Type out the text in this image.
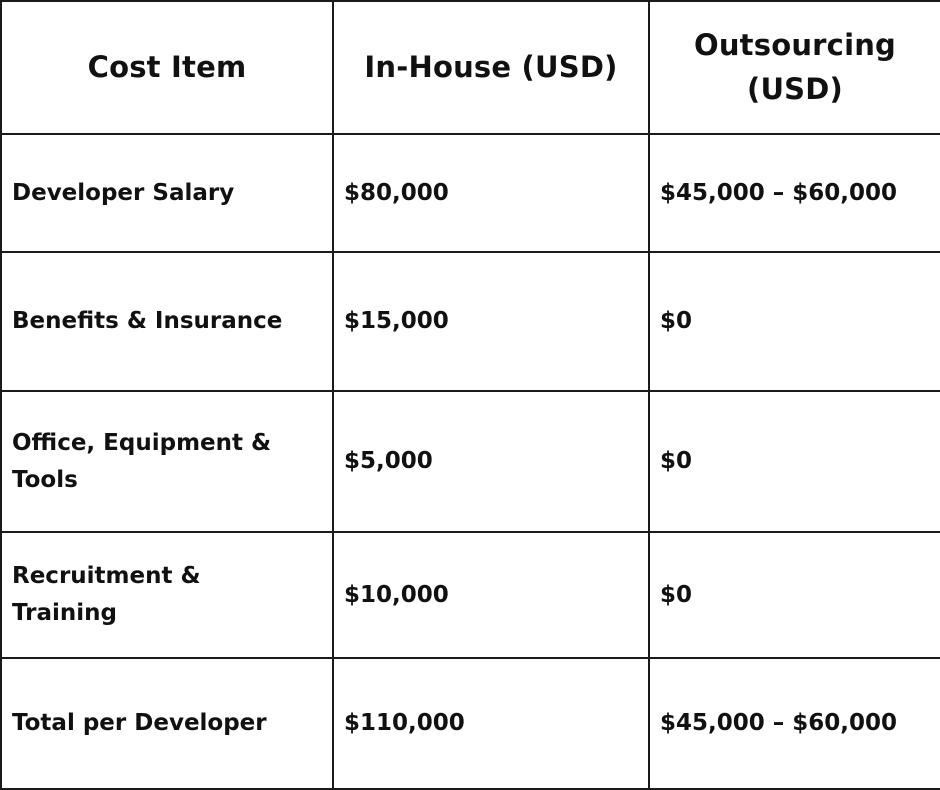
Cost Item	In-House (USD)	Outsourcing (USD)
Developer Salary	$80,000	$45,000 – $60,000
Benefits & Insurance	$15,000	$0
Office, Equipment & Tools	$5,000	$0
Recruitment & Training	$10,000	$0
Total per Developer	$110,000	$45,000 – $60,000
